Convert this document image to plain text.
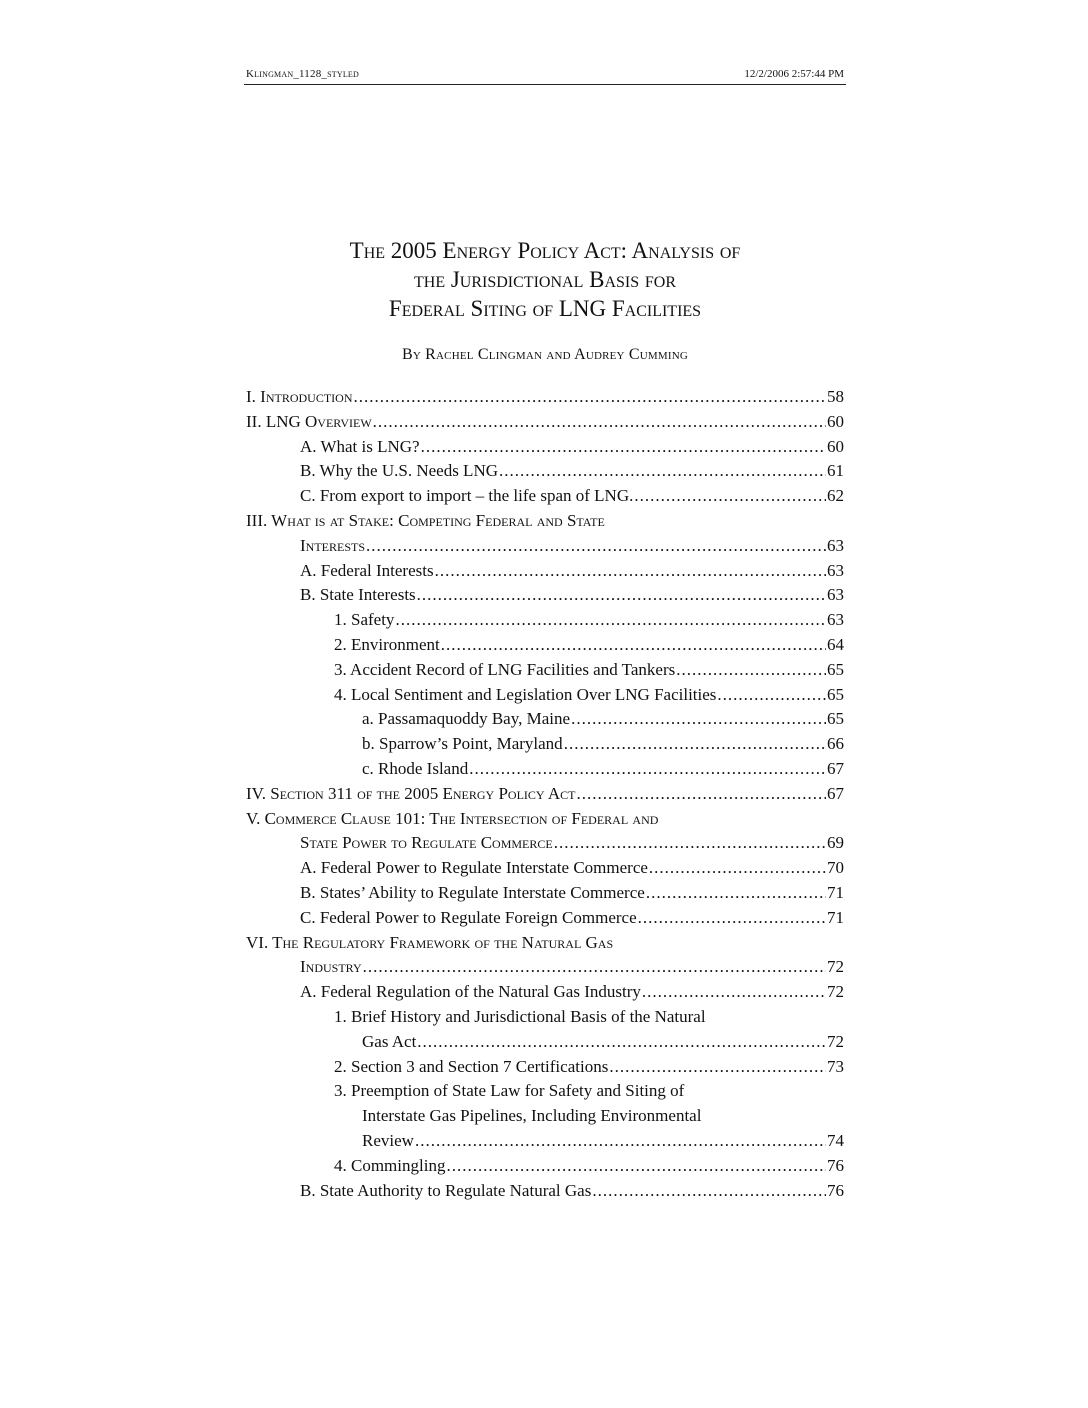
Klingman_1128_styled	12/2/2006 2:57:44 PM
The 2005 Energy Policy Act: Analysis of
the Jurisdictional Basis for
Federal Siting of LNG Facilities
By Rachel Clingman and Audrey Cumming
I. Introduction .....	58
II. LNG Overview .....	60
A. What is LNG? .....	60
B. Why the U.S. Needs LNG .....	61
C. From export to import – the life span of LNG. .....	62
III. What is at Stake: Competing Federal and State
Interests .....	63
A. Federal Interests .....	63
B. State Interests .....	63
1. Safety .....	63
2. Environment .....	64
3. Accident Record of LNG Facilities and Tankers .....	65
4. Local Sentiment and Legislation Over LNG Facilities .....	65
a. Passamaquoddy Bay, Maine .....	65
b. Sparrow’s Point, Maryland .....	66
c. Rhode Island .....	67
IV. Section 311 of the 2005 Energy Policy Act .....	67
V. Commerce Clause 101: The Intersection of Federal and
State Power to Regulate Commerce .....	69
A. Federal Power to Regulate Interstate Commerce .....	70
B. States’ Ability to Regulate Interstate Commerce .....	71
C. Federal Power to Regulate Foreign Commerce .....	71
VI. The Regulatory Framework of the Natural Gas
Industry .....	72
A. Federal Regulation of the Natural Gas Industry .....	72
1. Brief History and Jurisdictional Basis of the Natural
Gas Act .....	72
2. Section 3 and Section 7 Certifications .....	73
3. Preemption of State Law for Safety and Siting of
Interstate Gas Pipelines, Including Environmental
Review .....	74
4. Commingling .....	76
B. State Authority to Regulate Natural Gas .....	76
